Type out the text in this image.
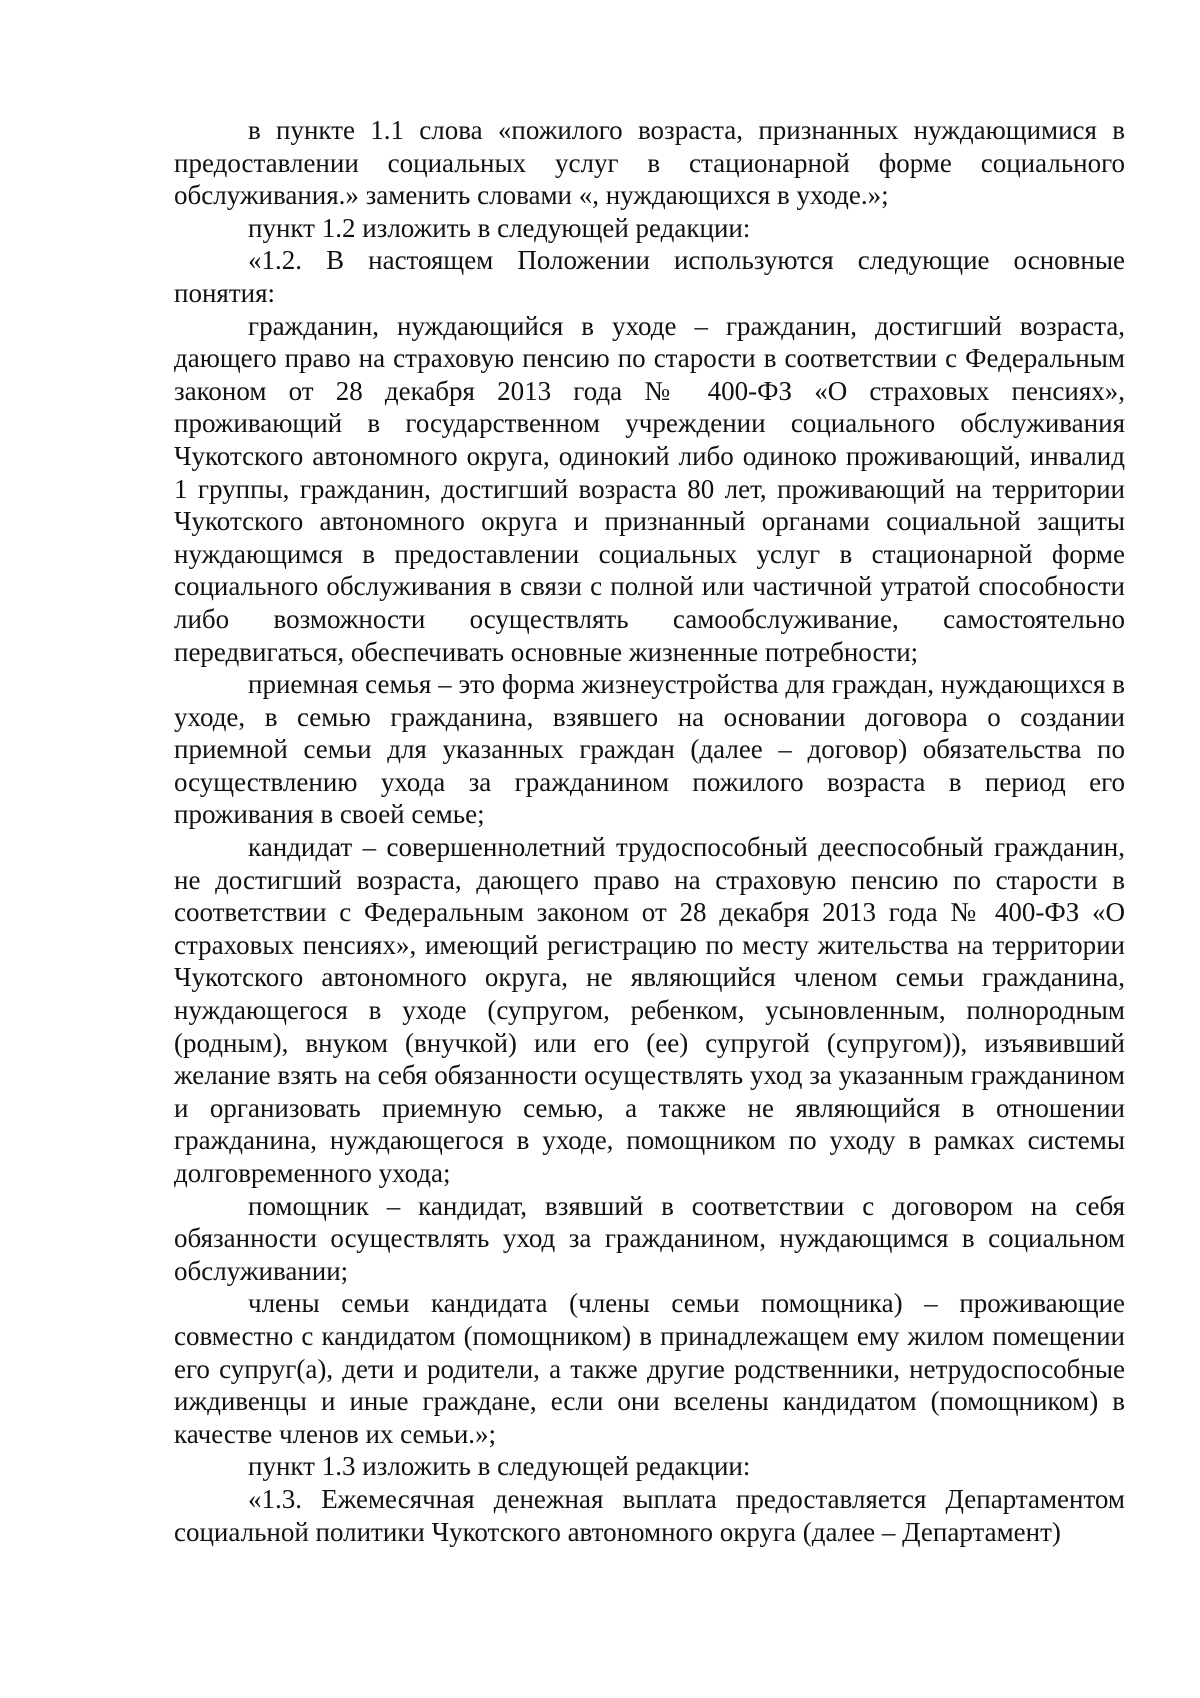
в пункте 1.1 слова «пожилого возраста, признанных нуждающимися в предоставлении социальных услуг в стационарной форме социального обслуживания.» заменить словами «, нуждающихся в уходе.»;

пункт 1.2 изложить в следующей редакции:

«1.2. В настоящем Положении используются следующие основные понятия:

гражданин, нуждающийся в уходе – гражданин, достигший возраста, дающего право на страховую пенсию по старости в соответствии с Федеральным законом от 28 декабря 2013 года № 400-ФЗ «О страховых пенсиях», проживающий в государственном учреждении социального обслуживания Чукотского автономного округа, одинокий либо одиноко проживающий, инвалид 1 группы, гражданин, достигший возраста 80 лет, проживающий на территории Чукотского автономного округа и признанный органами социальной защиты нуждающимся в предоставлении социальных услуг в стационарной форме социального обслуживания в связи с полной или частичной утратой способности либо возможности осуществлять самообслуживание, самостоятельно передвигаться, обеспечивать основные жизненные потребности;

приемная семья – это форма жизнеустройства для граждан, нуждающихся в уходе, в семью гражданина, взявшего на основании договора о создании приемной семьи для указанных граждан (далее – договор) обязательства по осуществлению ухода за гражданином пожилого возраста в период его проживания в своей семье;

кандидат – совершеннолетний трудоспособный дееспособный гражданин, не достигший возраста, дающего право на страховую пенсию по старости в соответствии с Федеральным законом от 28 декабря 2013 года № 400-ФЗ «О страховых пенсиях», имеющий регистрацию по месту жительства на территории Чукотского автономного округа, не являющийся членом семьи гражданина, нуждающегося в уходе (супругом, ребенком, усыновленным, полнородным (родным), внуком (внучкой) или его (ее) супругой (супругом)), изъявивший желание взять на себя обязанности осуществлять уход за указанным гражданином и организовать приемную семью, а также не являющийся в отношении гражданина, нуждающегося в уходе, помощником по уходу в рамках системы долговременного ухода;

помощник – кандидат, взявший в соответствии с договором на себя обязанности осуществлять уход за гражданином, нуждающимся в социальном обслуживании;

члены семьи кандидата (члены семьи помощника) – проживающие совместно с кандидатом (помощником) в принадлежащем ему жилом помещении его супруг(а), дети и родители, а также другие родственники, нетрудоспособные иждивенцы и иные граждане, если они вселены кандидатом (помощником) в качестве членов их семьи.»;

пункт 1.3 изложить в следующей редакции:

«1.3. Ежемесячная денежная выплата предоставляется Департаментом социальной политики Чукотского автономного округа (далее – Департамент)
